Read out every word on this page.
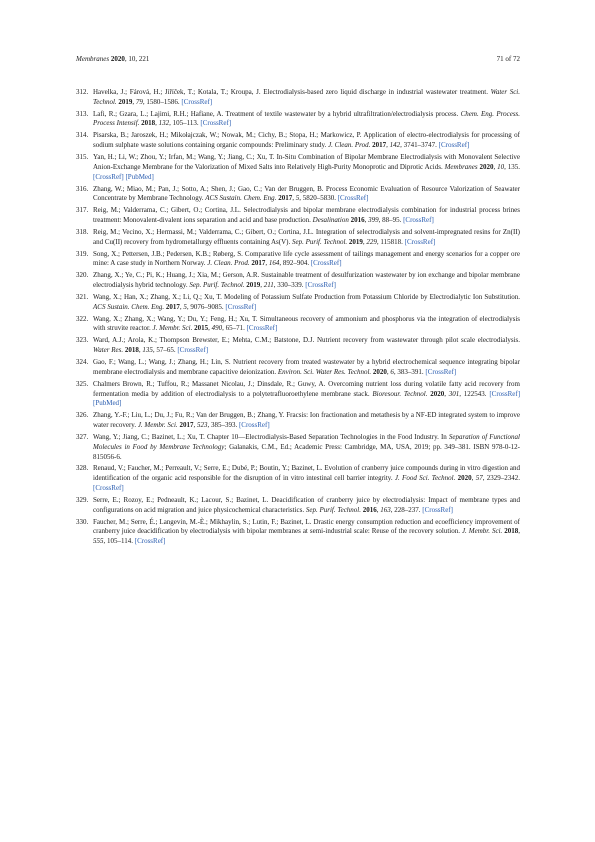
Membranes 2020, 10, 221	71 of 72
312. Havelka, J.; Fárová, H.; Jiříček, T.; Kotala, T.; Kroupa, J. Electrodialysis-based zero liquid discharge in industrial wastewater treatment. Water Sci. Technol. 2019, 79, 1580–1586. [CrossRef]
313. Lafi, R.; Gzara, L.; Lajimi, R.H.; Hafiane, A. Treatment of textile wastewater by a hybrid ultrafiltration/electrodialysis process. Chem. Eng. Process. Process Intensif. 2018, 132, 105–113. [CrossRef]
314. Pisarska, B.; Jaroszek, H.; Mikołajczak, W.; Nowak, M.; Cichy, B.; Stopa, H.; Markowicz, P. Application of electro-electrodialysis for processing of sodium sulphate waste solutions containing organic compounds: Preliminary study. J. Clean. Prod. 2017, 142, 3741–3747. [CrossRef]
315. Yan, H.; Li, W.; Zhou, Y.; Irfan, M.; Wang, Y.; Jiang, C.; Xu, T. In-Situ Combination of Bipolar Membrane Electrodialysis with Monovalent Selective Anion-Exchange Membrane for the Valorization of Mixed Salts into Relatively High-Purity Monoprotic and Diprotic Acids. Membranes 2020, 10, 135. [CrossRef] [PubMed]
316. Zhang, W.; Miao, M.; Pan, J.; Sotto, A.; Shen, J.; Gao, C.; Van der Bruggen, B. Process Economic Evaluation of Resource Valorization of Seawater Concentrate by Membrane Technology. ACS Sustain. Chem. Eng. 2017, 5, 5820–5830. [CrossRef]
317. Reig, M.; Valderrama, C.; Gibert, O.; Cortina, J.L. Selectrodialysis and bipolar membrane electrodialysis combination for industrial process brines treatment: Monovalent-divalent ions separation and acid and base production. Desalination 2016, 399, 88–95. [CrossRef]
318. Reig, M.; Vecino, X.; Hermassi, M.; Valderrama, C.; Gibert, O.; Cortina, J.L. Integration of selectrodialysis and solvent-impregnated resins for Zn(II) and Cu(II) recovery from hydrometallurgy effluents containing As(V). Sep. Purif. Technol. 2019, 229, 115818. [CrossRef]
319. Song, X.; Pettersen, J.B.; Pedersen, K.B.; Røberg, S. Comparative life cycle assessment of tailings management and energy scenarios for a copper ore mine: A case study in Northern Norway. J. Clean. Prod. 2017, 164, 892–904. [CrossRef]
320. Zhang, X.; Ye, C.; Pi, K.; Huang, J.; Xia, M.; Gerson, A.R. Sustainable treatment of desulfurization wastewater by ion exchange and bipolar membrane electrodialysis hybrid technology. Sep. Purif. Technol. 2019, 211, 330–339. [CrossRef]
321. Wang, X.; Han, X.; Zhang, X.; Li, Q.; Xu, T. Modeling of Potassium Sulfate Production from Potassium Chloride by Electrodialytic Ion Substitution. ACS Sustain. Chem. Eng. 2017, 5, 9076–9085. [CrossRef]
322. Wang, X.; Zhang, X.; Wang, Y.; Du, Y.; Feng, H.; Xu, T. Simultaneous recovery of ammonium and phosphorus via the integration of electrodialysis with struvite reactor. J. Membr. Sci. 2015, 490, 65–71. [CrossRef]
323. Ward, A.J.; Arola, K.; Thompson Brewster, E.; Mehta, C.M.; Batstone, D.J. Nutrient recovery from wastewater through pilot scale electrodialysis. Water Res. 2018, 135, 57–65. [CrossRef]
324. Gao, F.; Wang, L.; Wang, J.; Zhang, H.; Lin, S. Nutrient recovery from treated wastewater by a hybrid electrochemical sequence integrating bipolar membrane electrodialysis and membrane capacitive deionization. Environ. Sci. Water Res. Technol. 2020, 6, 383–391. [CrossRef]
325. Chalmers Brown, R.; Tuffou, R.; Massanet Nicolau, J.; Dinsdale, R.; Guwy, A. Overcoming nutrient loss during volatile fatty acid recovery from fermentation media by addition of electrodialysis to a polytetrafluoroethylene membrane stack. Bioresour. Technol. 2020, 301, 122543. [CrossRef] [PubMed]
326. Zhang, Y.-F.; Liu, L.; Du, J.; Fu, R.; Van der Bruggen, B.; Zhang, Y. Fracsis: Ion fractionation and metathesis by a NF-ED integrated system to improve water recovery. J. Membr. Sci. 2017, 523, 385–393. [CrossRef]
327. Wang, Y.; Jiang, C.; Bazinet, L.; Xu, T. Chapter 10—Electrodialysis-Based Separation Technologies in the Food Industry. In Separation of Functional Molecules in Food by Membrane Technology; Galanakis, C.M., Ed.; Academic Press: Cambridge, MA, USA, 2019; pp. 349–381. ISBN 978-0-12-815056-6.
328. Renaud, V.; Faucher, M.; Perreault, V.; Serre, E.; Dubé, P.; Boutin, Y.; Bazinet, L. Evolution of cranberry juice compounds during in vitro digestion and identification of the organic acid responsible for the disruption of in vitro intestinal cell barrier integrity. J. Food Sci. Technol. 2020, 57, 2329–2342. [CrossRef]
329. Serre, E.; Rozoy, E.; Pedneault, K.; Lacour, S.; Bazinet, L. Deacidification of cranberry juice by electrodialysis: Impact of membrane types and configurations on acid migration and juice physicochemical characteristics. Sep. Purif. Technol. 2016, 163, 228–237. [CrossRef]
330. Faucher, M.; Serre, É.; Langevin, M.-È.; Mikhaylin, S.; Lutin, F.; Bazinet, L. Drastic energy consumption reduction and ecoefficiency improvement of cranberry juice deacidification by electrodialysis with bipolar membranes at semi-industrial scale: Reuse of the recovery solution. J. Membr. Sci. 2018, 555, 105–114. [CrossRef]
